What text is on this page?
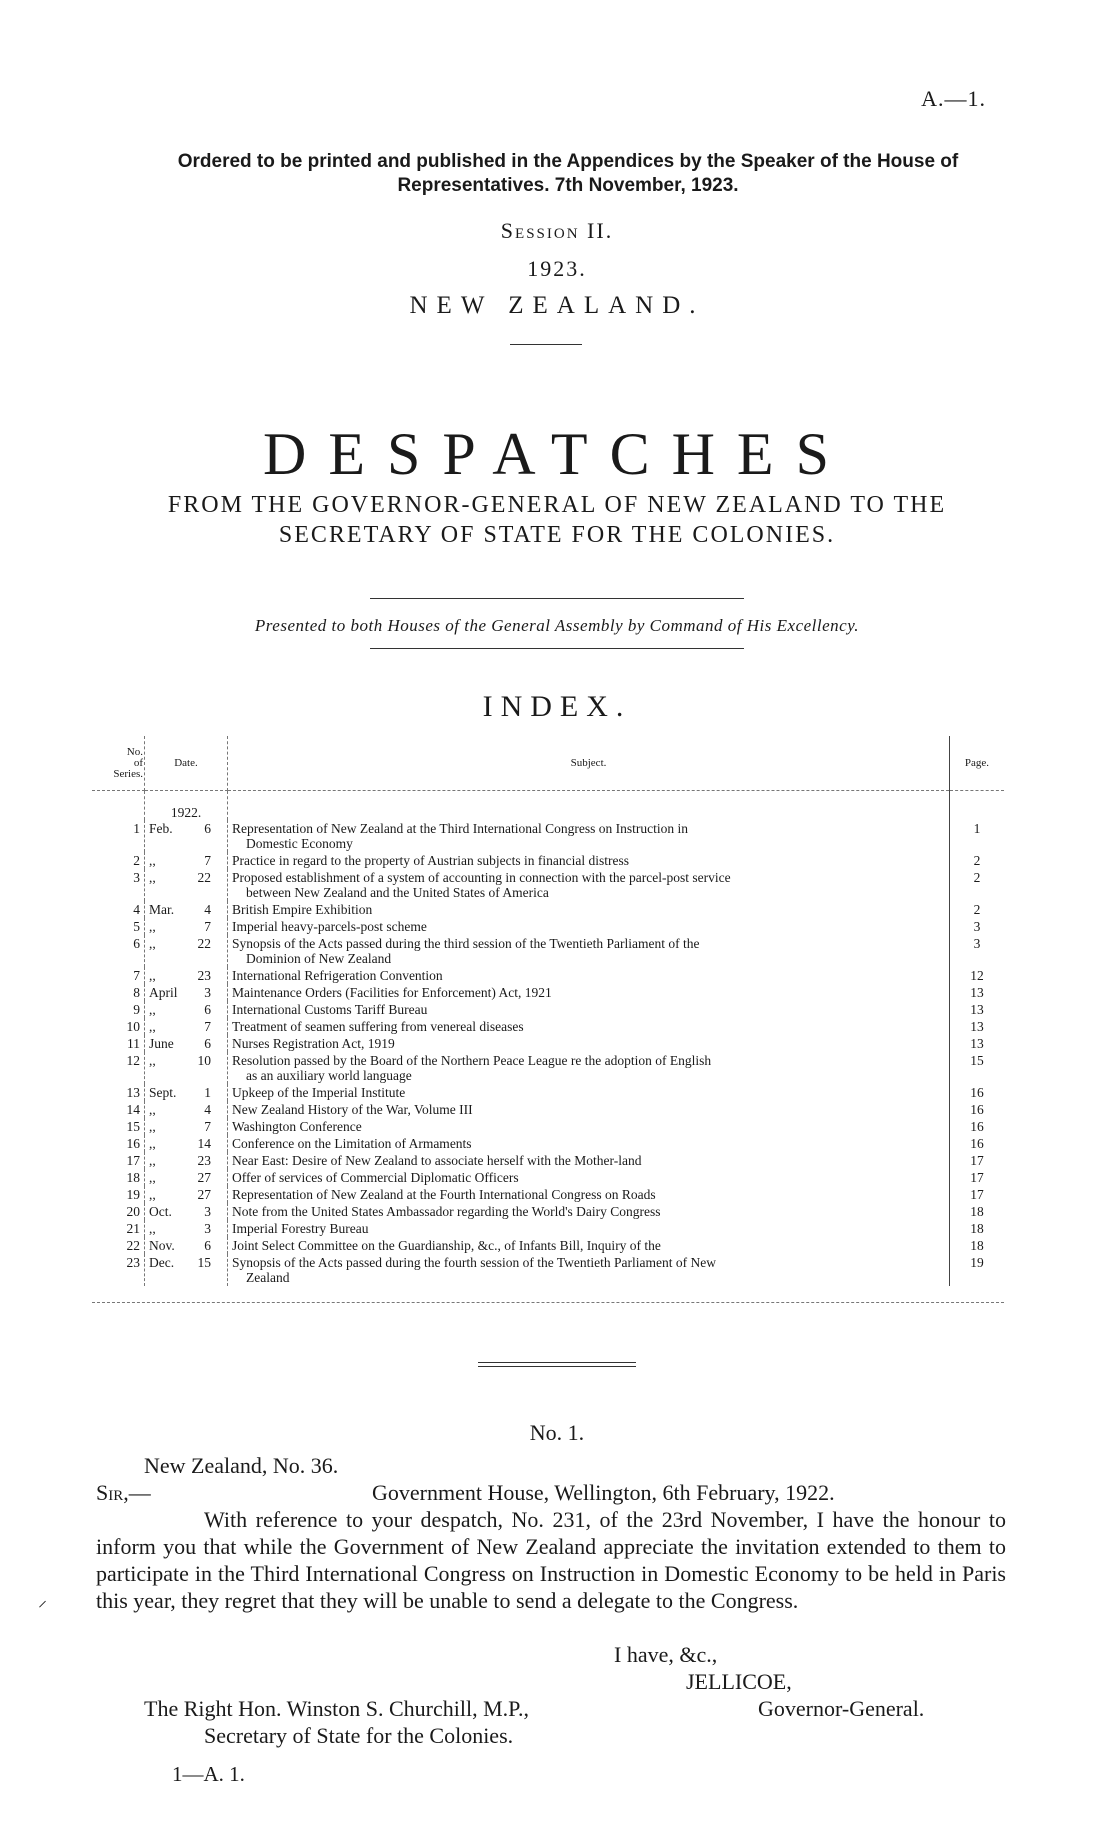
A.—1.
Ordered to be printed and published in the Appendices by the Speaker of the House of
Representatives. 7th November, 1923.
Session II.
1923.
NEW ZEALAND.
DESPATCHES
FROM THE GOVERNOR-GENERAL OF NEW ZEALAND TO THE
SECRETARY OF STATE FOR THE COLONIES.
Presented to both Houses of the General Assembly by Command of His Excellency.
INDEX.
No.
of
Series.	Date.	Subject.	Page.
	1922.		
1	Feb. 6	Representation of New Zealand at the Third International Congress on Instruction in
Domestic Economy	1
2	,, 7	Practice in regard to the property of Austrian subjects in financial distress	2
3	,, 22	Proposed establishment of a system of accounting in connection with the parcel-post service
between New Zealand and the United States of America	2
4	Mar. 4	British Empire Exhibition	2
5	,, 7	Imperial heavy-parcels-post scheme	3
6	,, 22	Synopsis of the Acts passed during the third session of the Twentieth Parliament of the
Dominion of New Zealand	3
7	,, 23	International Refrigeration Convention	12
8	April 3	Maintenance Orders (Facilities for Enforcement) Act, 1921	13
9	,, 6	International Customs Tariff Bureau	13
10	,, 7	Treatment of seamen suffering from venereal diseases	13
11	June 6	Nurses Registration Act, 1919	13
12	,, 10	Resolution passed by the Board of the Northern Peace League re the adoption of English
as an auxiliary world language	15
13	Sept. 1	Upkeep of the Imperial Institute	16
14	,, 4	New Zealand History of the War, Volume III	16
15	,, 7	Washington Conference	16
16	,, 14	Conference on the Limitation of Armaments	16
17	,, 23	Near East: Desire of New Zealand to associate herself with the Mother-land	17
18	,, 27	Offer of services of Commercial Diplomatic Officers	17
19	,, 27	Representation of New Zealand at the Fourth International Congress on Roads	17
20	Oct. 3	Note from the United States Ambassador regarding the World's Dairy Congress	18
21	,, 3	Imperial Forestry Bureau	18
22	Nov. 6	Joint Select Committee on the Guardianship, &c., of Infants Bill, Inquiry of the	18
23	Dec. 15	Synopsis of the Acts passed during the fourth session of the Twentieth Parliament of New
Zealand	19
No. 1.
New Zealand, No. 36.
Sir,—	Government House, Wellington, 6th February, 1922.
With reference to your despatch, No. 231, of the 23rd November, I have the honour to inform you that while the Government of New Zealand appreciate the invitation extended to them to participate in the Third International Congress on Instruction in Domestic Economy to be held in Paris this year, they regret that they will be unable to send a delegate to the Congress.
⸝
I have, &c.,
JELLICOE,
The Right Hon. Winston S. Churchill, M.P.,	Governor-General.
Secretary of State for the Colonies.
1—A. 1.
